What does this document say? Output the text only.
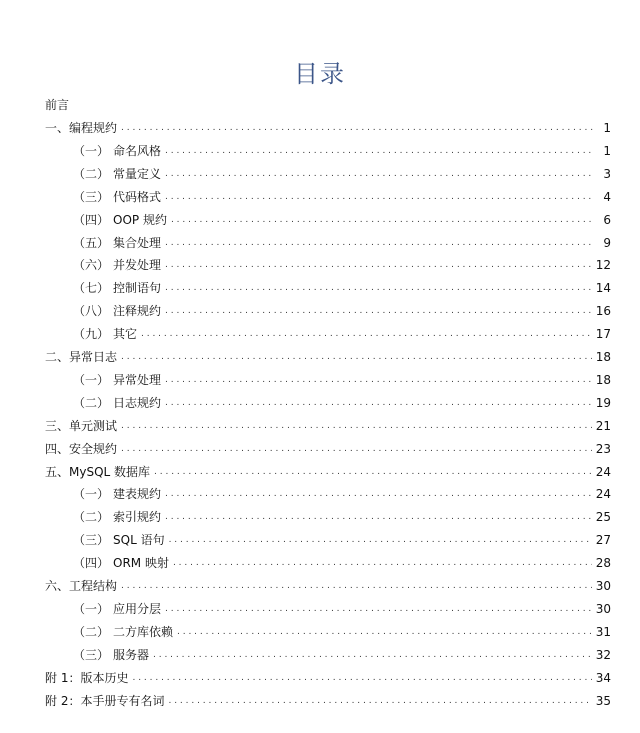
目录
前言
一、 编程规约 . . .	1
（一） 命名风格 . . .	1
（二） 常量定义 . . .	3
（三） 代码格式 . . .	4
（四） OOP 规约 . . .	6
（五） 集合处理 . . .	9
（六） 并发处理 . . .	12
（七） 控制语句 . . .	14
（八） 注释规约 . . .	16
（九） 其它 . . .	17
二、 异常日志 . . .	18
（一） 异常处理 . . .	18
（二） 日志规约 . . .	19
三、 单元测试 . . .	21
四、 安全规约 . . .	23
五、 MySQL 数据库 . . .	24
（一） 建表规约 . . .	24
（二） 索引规约 . . .	25
（三） SQL 语句 . . .	27
（四） ORM 映射 . . .	28
六、 工程结构 . . .	30
（一） 应用分层 . . .	30
（二） 二方库依赖 . . .	31
（三） 服务器 . . .	32
附 1： 版本历史 . . .	34
附 2： 本手册专有名词 . . .	35
